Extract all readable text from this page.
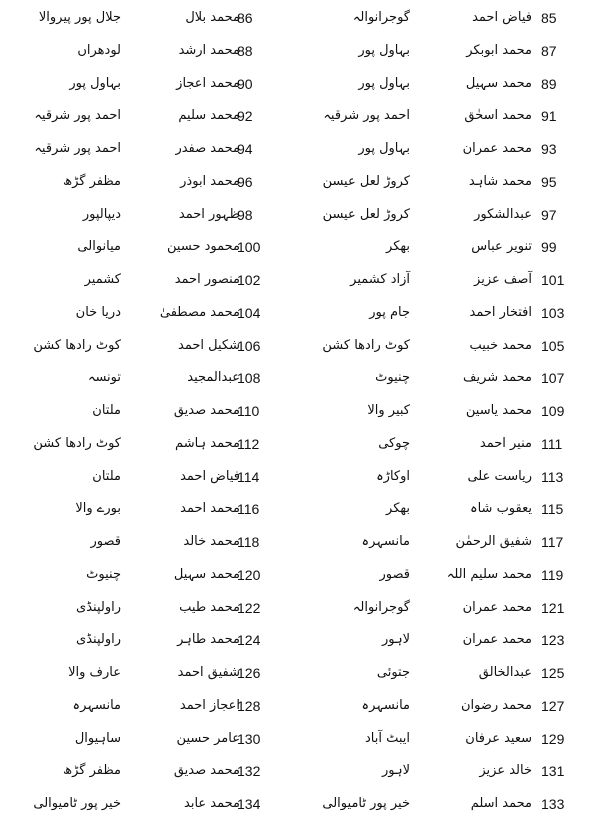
85
فیاض احمد
گوجرانوالہ
86
محمد بلال
جلال پور پیروالا
87
محمد ابوبکر
بہاول پور
88
محمد ارشد
لودھراں
89
محمد سہیل
بہاول پور
90
محمد اعجاز
بہاول پور
91
محمد اسحٰق
احمد پور شرقیہ
92
محمد سلیم
احمد پور شرقیہ
93
محمد عمران
بہاول پور
94
محمد صفدر
احمد پور شرقیہ
95
محمد شاہد
کروڑ لعل عیسن
96
محمد ابوذر
مظفر گڑھ
97
عبدالشکور
کروڑ لعل عیسن
98
ظہور احمد
دیپالپور
99
تنویر عباس
بھکر
100
محمود حسین
میانوالی
101
آصف عزیز
آزاد کشمیر
102
منصور احمد
کشمیر
103
افتخار احمد
جام پور
104
محمد مصطفیٰ
دریا خان
105
محمد خبیب
کوٹ رادھا کشن
106
شکیل احمد
کوٹ رادھا کشن
107
محمد شریف
چنیوٹ
108
عبدالمجید
تونسہ
109
محمد یاسین
کبیر والا
110
محمد صدیق
ملتان
111
منیر احمد
چوکی
112
محمد ہاشم
کوٹ رادھا کشن
113
ریاست علی
اوکاڑہ
114
فیاض احمد
ملتان
115
یعقوب شاہ
بھکر
116
محمد احمد
بورے والا
117
شفیق الرحمٰن
مانسہرہ
118
محمد خالد
قصور
119
محمد سلیم اللہ
قصور
120
محمد سہیل
چنیوٹ
121
محمد عمران
گوجرانوالہ
122
محمد طیب
راولپنڈی
123
محمد عمران
لاہور
124
محمد طاہر
راولپنڈی
125
عبدالخالق
جتوئی
126
شفیق احمد
عارف والا
127
محمد رضوان
مانسہرہ
128
اعجاز احمد
مانسہرہ
129
سعید عرفان
ایبٹ آباد
130
عامر حسین
ساہیوال
131
خالد عزیز
لاہور
132
محمد صدیق
مظفر گڑھ
133
محمد اسلم
خیر پور ٹامیوالی
134
محمد عابد
خیر پور ٹامیوالی
